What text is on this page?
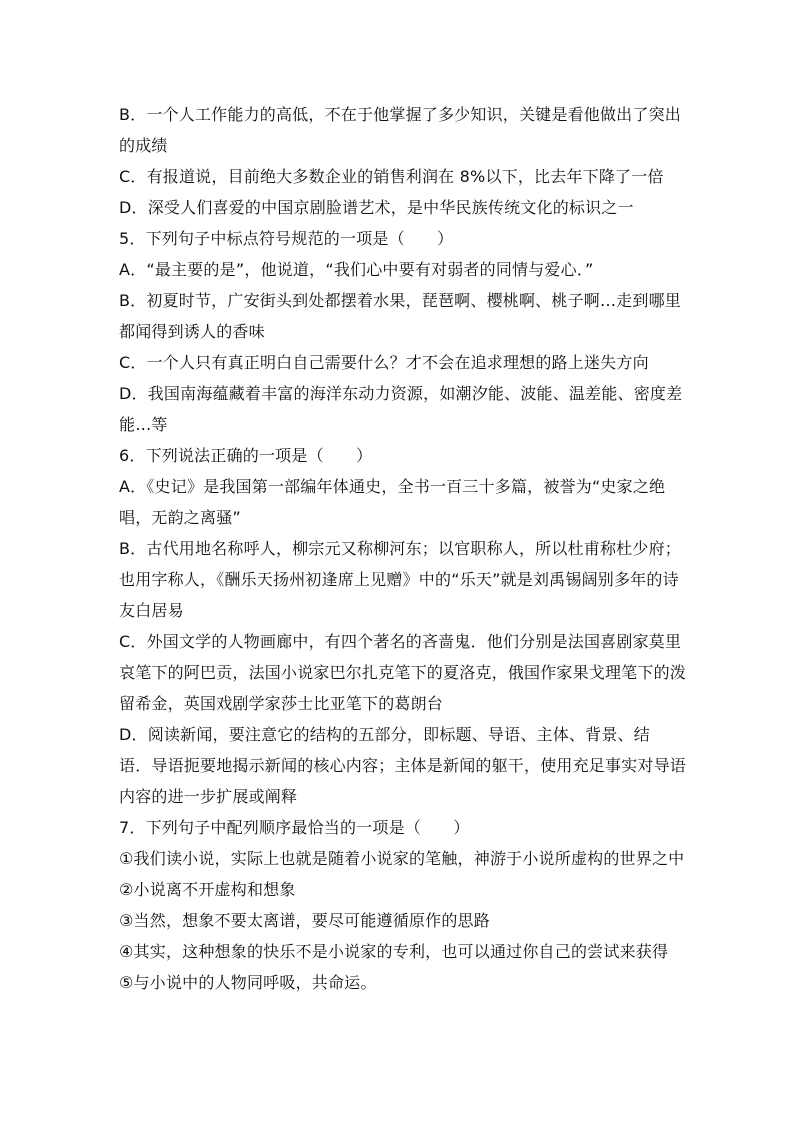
B．一个人工作能力的高低，不在于他掌握了多少知识，关键是看他做出了突出
的成绩
C．有报道说，目前绝大多数企业的销售利润在 8%以下，比去年下降了一倍
D．深受人们喜爱的中国京剧脸谱艺术，是中华民族传统文化的标识之一
5．下列句子中标点符号规范的一项是（　　）
A．“最主要的是”，他说道，“我们心中要有对弱者的同情与爱心．”
B．初夏时节，广安街头到处都摆着水果，琵琶啊、樱桃啊、桃子啊…走到哪里
都闻得到诱人的香味
C．一个人只有真正明白自己需要什么？才不会在追求理想的路上迷失方向
D．我国南海蕴藏着丰富的海洋东动力资源，如潮汐能、波能、温差能、密度差
能…等
6．下列说法正确的一项是（　　）
A．《史记》是我国第一部编年体通史，全书一百三十多篇，被誉为“史家之绝
唱，无韵之离骚”
B．古代用地名称呼人，柳宗元又称柳河东；以官职称人，所以杜甫称杜少府；
也用字称人，《酬乐天扬州初逢席上见赠》中的“乐天”就是刘禹锡阔别多年的诗
友白居易
C．外国文学的人物画廊中，有四个著名的吝啬鬼．他们分别是法国喜剧家莫里
哀笔下的阿巴贡，法国小说家巴尔扎克笔下的夏洛克，俄国作家果戈理笔下的泼
留希金，英国戏剧学家莎士比亚笔下的葛朗台
D．阅读新闻，要注意它的结构的五部分，即标题、导语、主体、背景、结
语．导语扼要地揭示新闻的核心内容；主体是新闻的躯干，使用充足事实对导语
内容的进一步扩展或阐释
7．下列句子中配列顺序最恰当的一项是（　　）
①我们读小说，实际上也就是随着小说家的笔触，神游于小说所虚构的世界之中
②小说离不开虚构和想象
③当然，想象不要太离谱，要尽可能遵循原作的思路
④其实，这种想象的快乐不是小说家的专利，也可以通过你自己的尝试来获得
⑤与小说中的人物同呼吸，共命运。
